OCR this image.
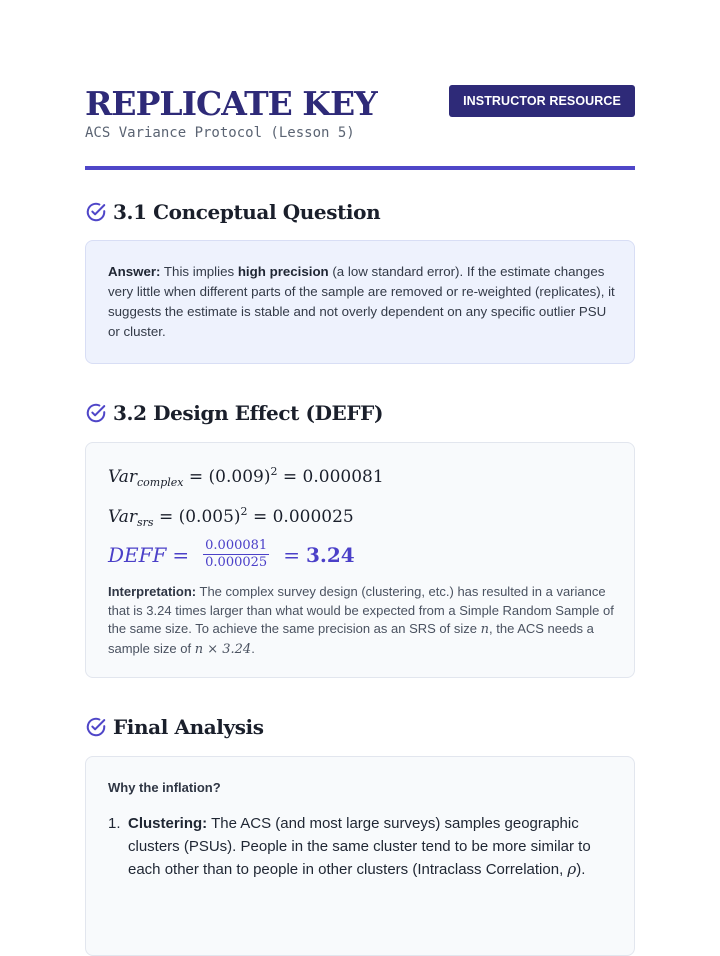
REPLICATE KEY

ACS Variance Protocol (Lesson 5)

INSTRUCTOR RESOURCE
3.1 Conceptual Question

Answer: This implies high precision (a low standard error). If the estimate changes very little when different parts of the sample are removed or re-weighted (replicates), it suggests the estimate is stable and not overly dependent on any specific outlier PSU or cluster.

3.2 Design Effect (DEFF)
$Var_{complex} = (0.009)^2 = 0.000081$
$Var_{srs} = (0.005)^2 = 0.000025$
DEFF = $\frac{0.000081}{0.000025} = 3.24$

Interpretation: The complex survey design (clustering, etc.) has resulted in a variance that is 3.24 times larger than what would be expected from a Simple Random Sample of the same size. To achieve the same precision as an SRS of size n, the ACS needs a sample size of n × 3.24.

Final Analysis

Why the inflation?

1. Clustering: The ACS (and most large surveys) samples geographic clusters (PSUs). People in the same cluster tend to be more similar to each other than to people in other clusters (Intraclass Correlation, ρ).
